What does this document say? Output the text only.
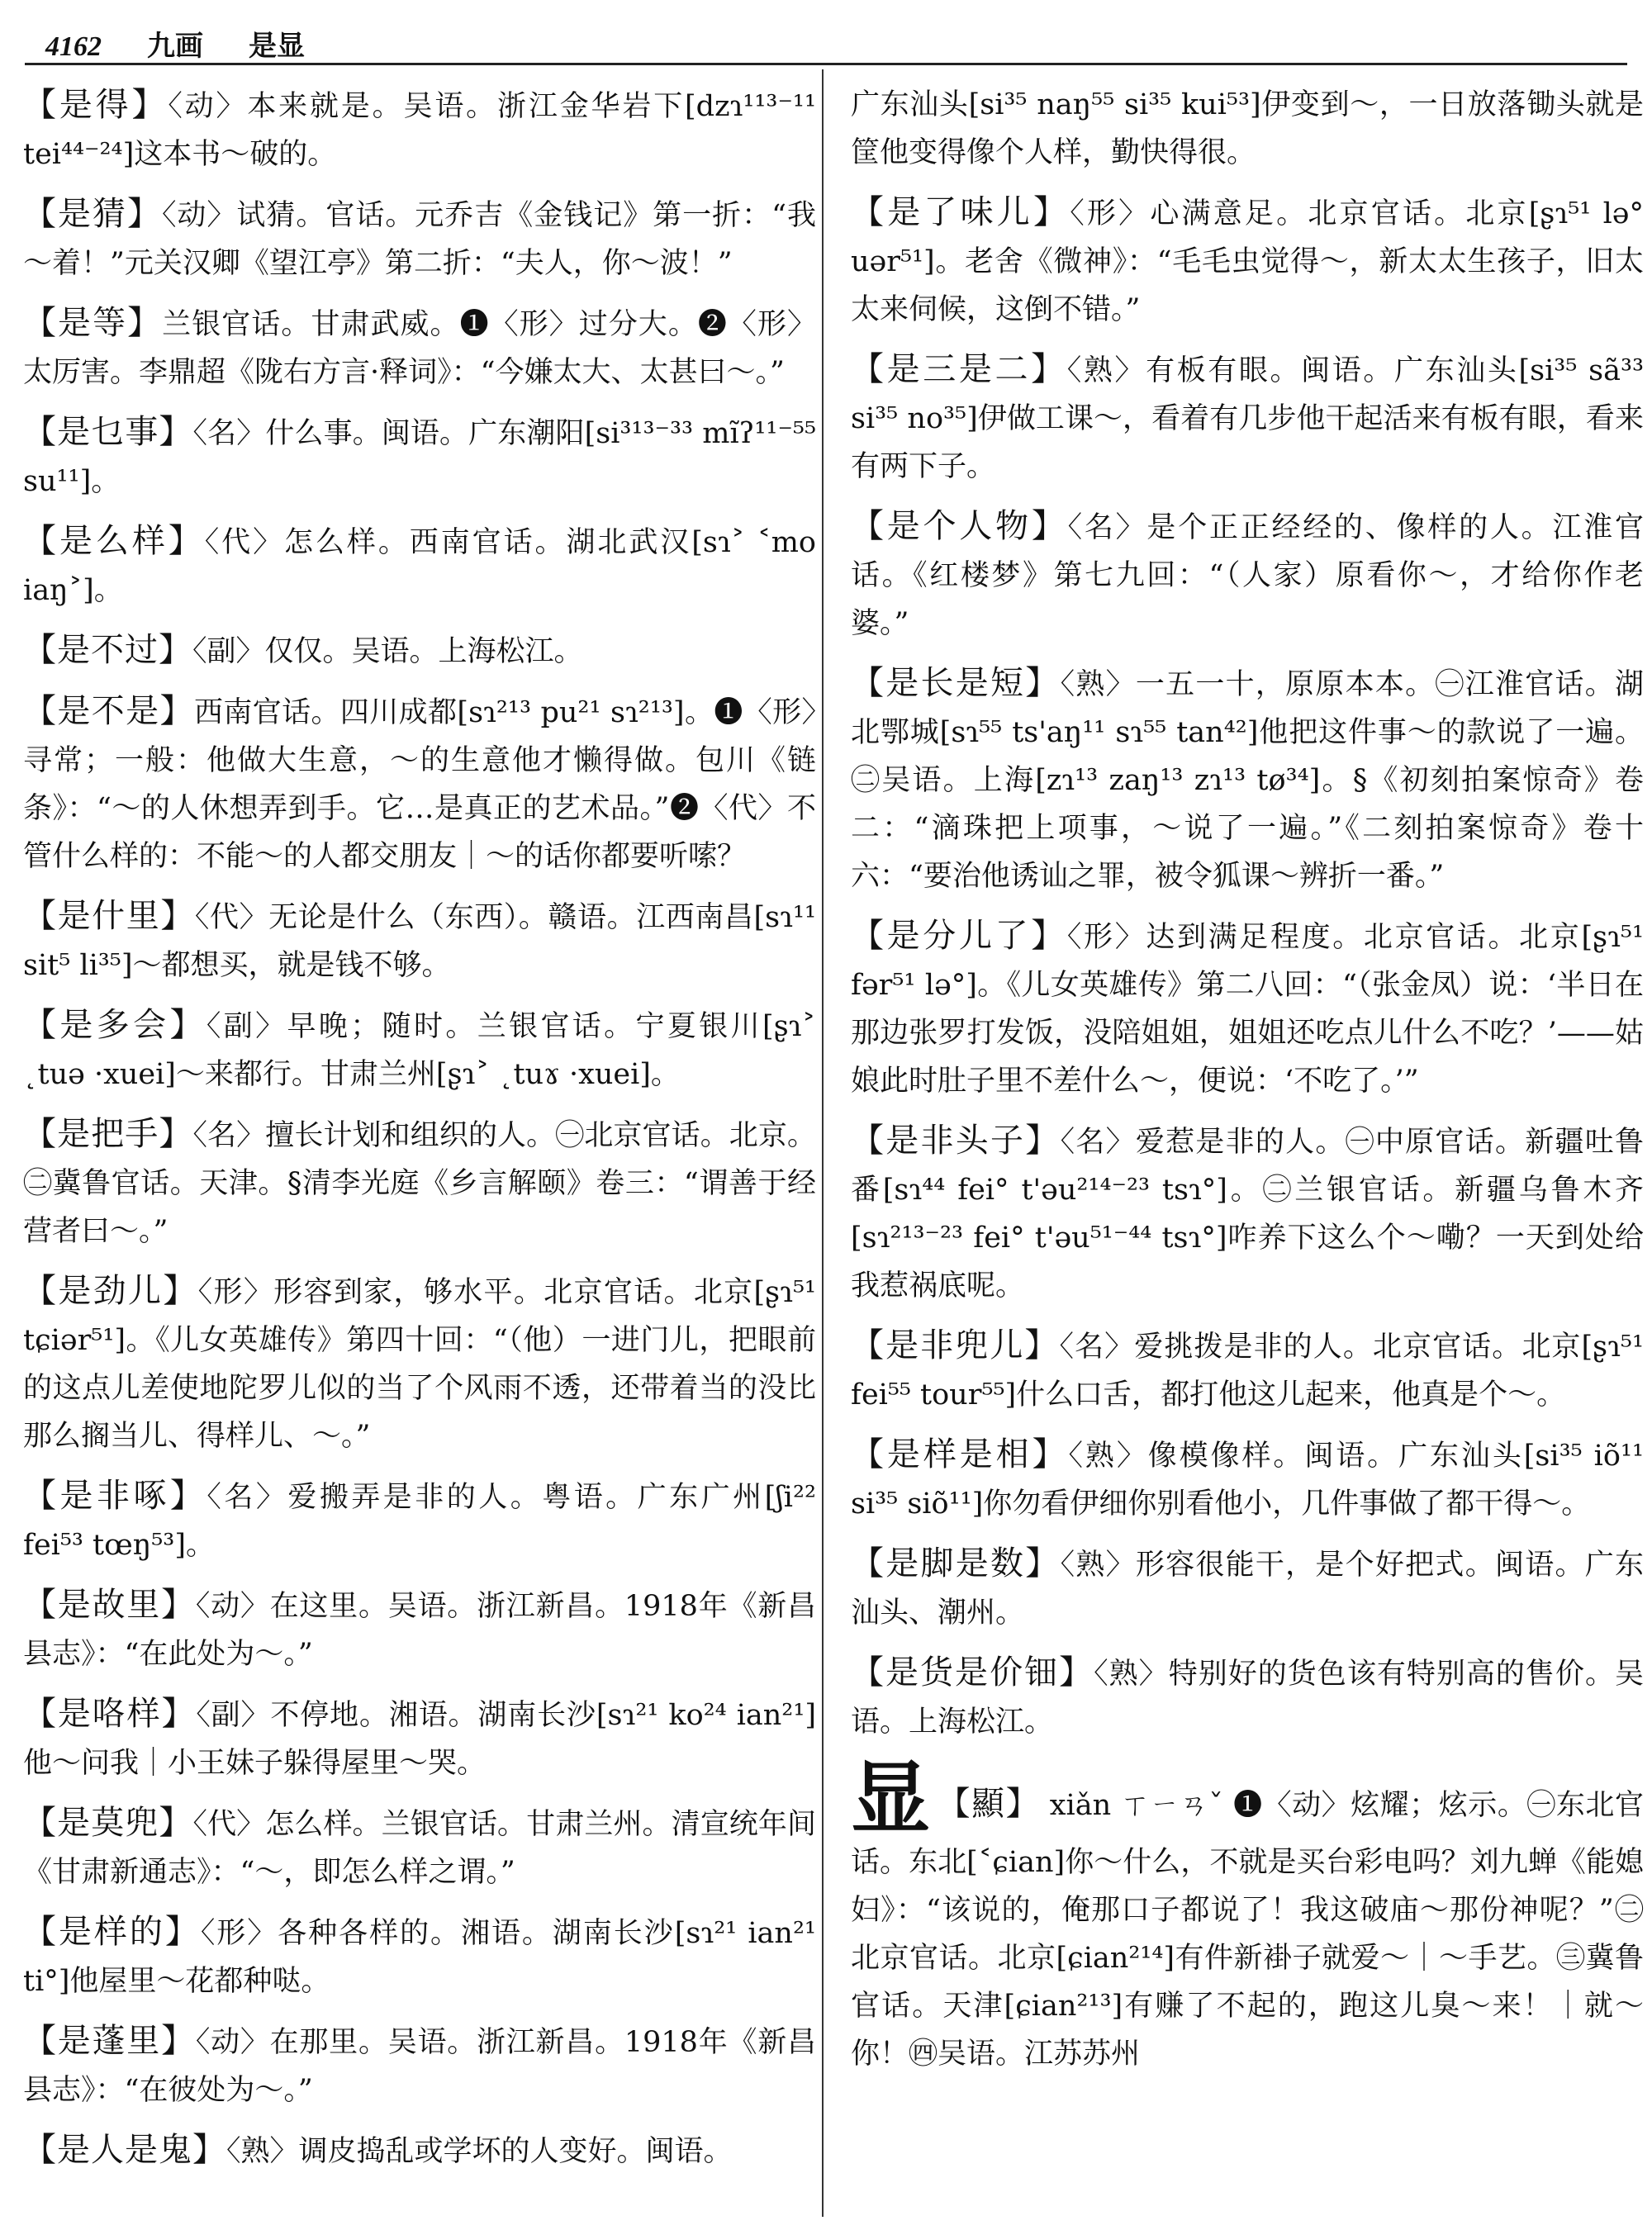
4162 九画 是显
【是得】〈动〉本来就是。吴语。浙江金华岩下[dzɿ¹¹³⁻¹¹ tei⁴⁴⁻²⁴]这本书～破的。
【是猜】〈动〉试猜。官话。元乔吉《金钱记》第一折：“我～着！”元关汉卿《望江亭》第二折：“夫人，你～波！”
【是等】兰银官话。甘肃武威。❶〈形〉过分大。❷〈形〉太厉害。李鼎超《陇右方言·释词》：“今嫌太大、太甚曰～。”
【是乜事】〈名〉什么事。闽语。广东潮阳[si³¹³⁻³³ mĩʔ¹¹⁻⁵⁵ su¹¹]。
【是么样】〈代〉怎么样。西南官话。湖北武汉[sɿ˃ ˂mo iaŋ˃]。
【是不过】〈副〉仅仅。吴语。上海松江。
【是不是】西南官话。四川成都[sɿ²¹³ pu²¹ sɿ²¹³]。❶〈形〉寻常；一般：他做大生意，～的生意他才懒得做。包川《链条》：“～的人休想弄到手。它…是真正的艺术品。”❷〈代〉不管什么样的：不能～的人都交朋友｜～的话你都要听嗦？
【是什里】〈代〉无论是什么（东西）。赣语。江西南昌[sɿ¹¹ sit⁵ li³⁵]～都想买，就是钱不够。
【是多会】〈副〉早晚；随时。兰银官话。宁夏银川[ʂɿ˃ ˛tuə ·xuei]～来都行。甘肃兰州[ʂɿ˃ ˛tuɤ ·xuei]。
【是把手】〈名〉擅长计划和组织的人。㊀北京官话。北京。㊁冀鲁官话。天津。§清李光庭《乡言解颐》卷三：“谓善于经营者曰～。”
【是劲儿】〈形〉形容到家，够水平。北京官话。北京[ʂɿ⁵¹ tɕiər⁵¹]。《儿女英雄传》第四十回：“（他）一进门儿，把眼前的这点儿差使地陀罗儿似的当了个风雨不透，还带着当的没比那么搁当儿、得样儿、～。”
【是非啄】〈名〉爱搬弄是非的人。粤语。广东广州[ʃi²² fei⁵³ tœŋ⁵³]。
【是故里】〈动〉在这里。吴语。浙江新昌。1918年《新昌县志》：“在此处为～。”
【是咯样】〈副〉不停地。湘语。湖南长沙[sɿ²¹ ko²⁴ ian²¹]他～问我｜小王妹子躲得屋里～哭。
【是莫兜】〈代〉怎么样。兰银官话。甘肃兰州。清宣统年间《甘肃新通志》：“～，即怎么样之谓。”
【是样的】〈形〉各种各样的。湘语。湖南长沙[sɿ²¹ ian²¹ ti°]他屋里～花都种哒。
【是蓬里】〈动〉在那里。吴语。浙江新昌。1918年《新昌县志》：“在彼处为～。”
【是人是鬼】〈熟〉调皮捣乱或学坏的人变好。闽语。
广东汕头[si³⁵ naŋ⁵⁵ si³⁵ kui⁵³]伊变到～，一日放落锄头就是筐他变得像个人样，勤快得很。
【是了味儿】〈形〉心满意足。北京官话。北京[ʂɿ⁵¹ lə° uər⁵¹]。老舍《微神》：“毛毛虫觉得～，新太太生孩子，旧太太来伺候，这倒不错。”
【是三是二】〈熟〉有板有眼。闽语。广东汕头[si³⁵ sã³³ si³⁵ no³⁵]伊做工课～，看着有几步他干起活来有板有眼，看来有两下子。
【是个人物】〈名〉是个正正经经的、像样的人。江淮官话。《红楼梦》第七九回：“（人家）原看你～，才给你作老婆。”
【是长是短】〈熟〉一五一十，原原本本。㊀江淮官话。湖北鄂城[sɿ⁵⁵ ts'aŋ¹¹ sɿ⁵⁵ tan⁴²]他把这件事～的款说了一遍。㊁吴语。上海[zɿ¹³ zaŋ¹³ zɿ¹³ tø³⁴]。§《初刻拍案惊奇》卷二：“滴珠把上项事，～说了一遍。”《二刻拍案惊奇》卷十六：“要治他诱讪之罪，被令狐课～辨折一番。”
【是分儿了】〈形〉达到满足程度。北京官话。北京[ʂɿ⁵¹ fər⁵¹ lə°]。《儿女英雄传》第二八回：“（张金凤）说：‘半日在那边张罗打发饭，没陪姐姐，姐姐还吃点儿什么不吃？’——姑娘此时肚子里不差什么～，便说：‘不吃了。’”
【是非头子】〈名〉爱惹是非的人。㊀中原官话。新疆吐鲁番[sɿ⁴⁴ fei° t'əu²¹⁴⁻²³ tsɿ°]。㊁兰银官话。新疆乌鲁木齐[sɿ²¹³⁻²³ fei° t'əu⁵¹⁻⁴⁴ tsɿ°]咋养下这么个～嘞？一天到处给我惹祸底呢。
【是非兜儿】〈名〉爱挑拨是非的人。北京官话。北京[ʂɿ⁵¹ fei⁵⁵ tour⁵⁵]什么口舌，都打他这儿起来，他真是个～。
【是样是相】〈熟〉像模像样。闽语。广东汕头[si³⁵ iõ¹¹ si³⁵ siõ¹¹]你勿看伊细你别看他小，几件事做了都干得～。
【是脚是数】〈熟〉形容很能干，是个好把式。闽语。广东汕头、潮州。
【是货是价钿】〈熟〉特别好的货色该有特别高的售价。吴语。上海松江。
显 【顯】 xiǎn ㄒㄧㄢˇ ❶〈动〉炫耀；炫示。㊀东北官话。东北[˂ɕian]你～什么，不就是买台彩电吗？刘九蝉《能媳妇》：“该说的，俺那口子都说了！我这破庙～那份神呢？”㊁北京官话。北京[ɕian²¹⁴]有件新褂子就爱～｜～手艺。㊂冀鲁官话。天津[ɕian²¹³]有赚了不起的，跑这儿臭～来！｜就～你！㊃吴语。江苏苏州
